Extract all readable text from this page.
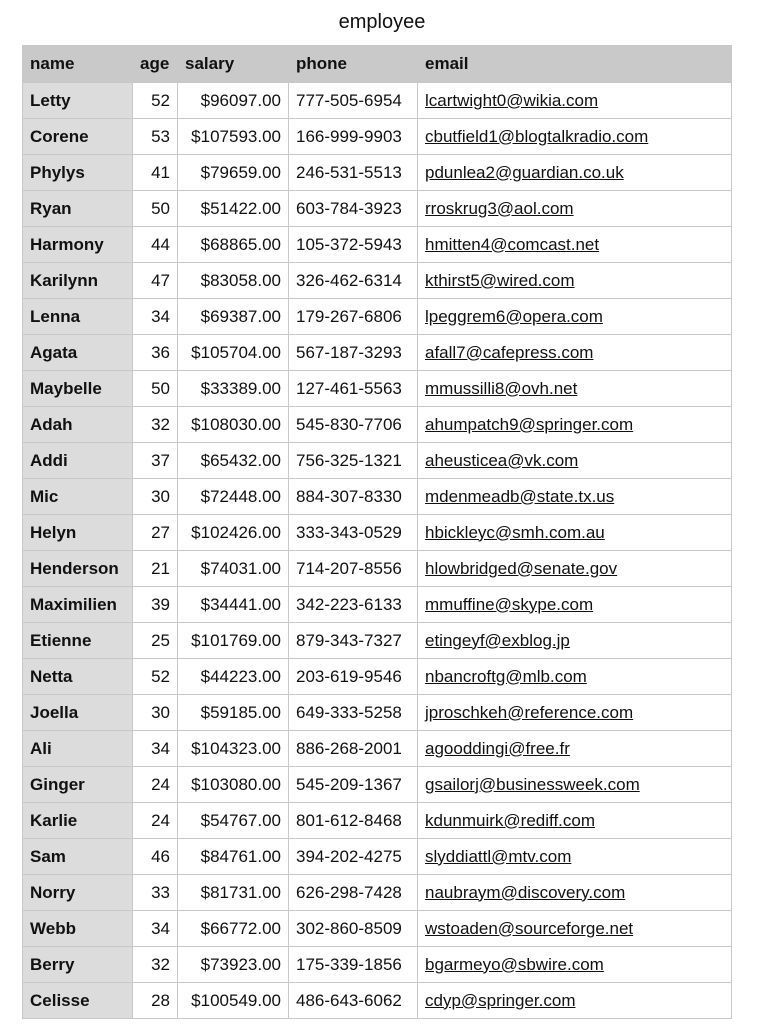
employee
name	age	salary	phone	email
Letty	52	$96097.00	777-505-6954	lcartwight0@wikia.com
Corene	53	$107593.00	166-999-9903	cbutfield1@blogtalkradio.com
Phylys	41	$79659.00	246-531-5513	pdunlea2@guardian.co.uk
Ryan	50	$51422.00	603-784-3923	rroskrug3@aol.com
Harmony	44	$68865.00	105-372-5943	hmitten4@comcast.net
Karilynn	47	$83058.00	326-462-6314	kthirst5@wired.com
Lenna	34	$69387.00	179-267-6806	lpeggrem6@opera.com
Agata	36	$105704.00	567-187-3293	afall7@cafepress.com
Maybelle	50	$33389.00	127-461-5563	mmussilli8@ovh.net
Adah	32	$108030.00	545-830-7706	ahumpatch9@springer.com
Addi	37	$65432.00	756-325-1321	aheusticea@vk.com
Mic	30	$72448.00	884-307-8330	mdenmeadb@state.tx.us
Helyn	27	$102426.00	333-343-0529	hbickleyc@smh.com.au
Henderson	21	$74031.00	714-207-8556	hlowbridged@senate.gov
Maximilien	39	$34441.00	342-223-6133	mmuffine@skype.com
Etienne	25	$101769.00	879-343-7327	etingeyf@exblog.jp
Netta	52	$44223.00	203-619-9546	nbancroftg@mlb.com
Joella	30	$59185.00	649-333-5258	jproschkeh@reference.com
Ali	34	$104323.00	886-268-2001	agooddingi@free.fr
Ginger	24	$103080.00	545-209-1367	gsailorj@businessweek.com
Karlie	24	$54767.00	801-612-8468	kdunmuirk@rediff.com
Sam	46	$84761.00	394-202-4275	slyddiattl@mtv.com
Norry	33	$81731.00	626-298-7428	naubraym@discovery.com
Webb	34	$66772.00	302-860-8509	wstoaden@sourceforge.net
Berry	32	$73923.00	175-339-1856	bgarmeyo@sbwire.com
Celisse	28	$100549.00	486-643-6062	cdyp@springer.com
